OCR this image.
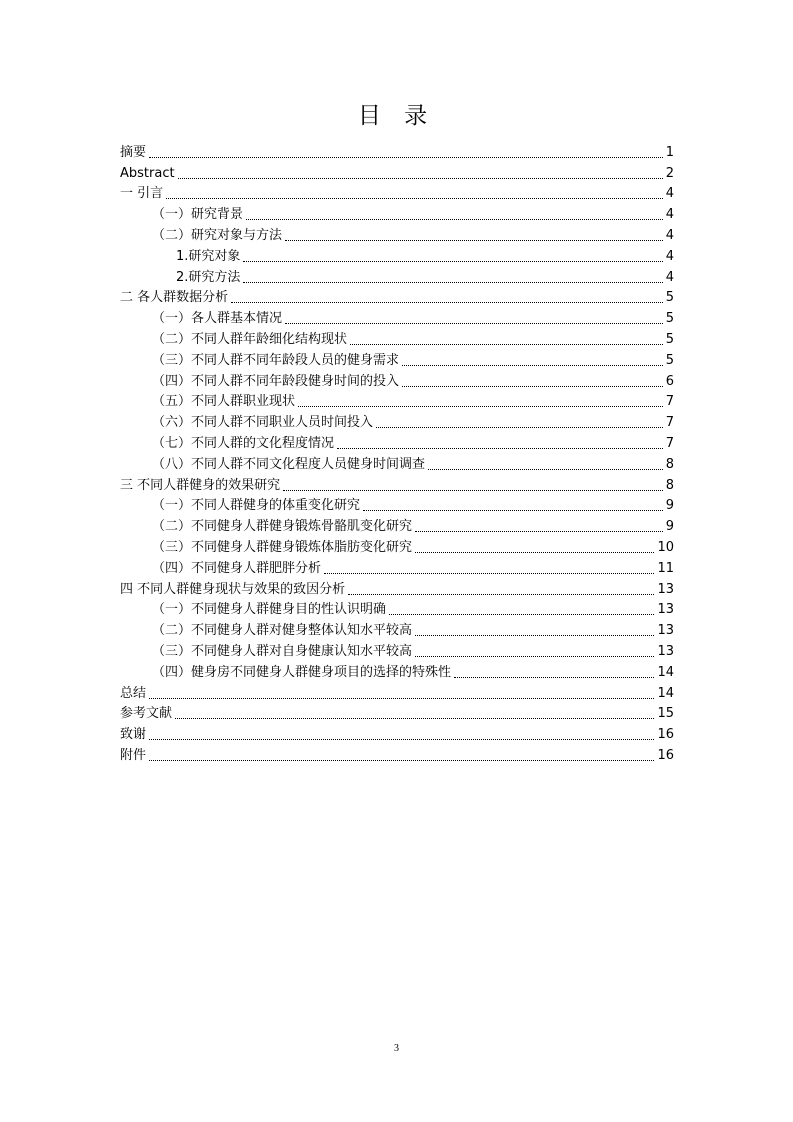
目 录
摘要	1
Abstract	2
一 引言	4
（一）研究背景	4
（二）研究对象与方法	4
1.研究对象	4
2.研究方法	4
二 各人群数据分析	5
（一）各人群基本情况	5
（二）不同人群年龄细化结构现状	5
（三）不同人群不同年龄段人员的健身需求	5
（四）不同人群不同年龄段健身时间的投入	6
（五）不同人群职业现状	7
（六）不同人群不同职业人员时间投入	7
（七）不同人群的文化程度情况	7
（八）不同人群不同文化程度人员健身时间调查	8
三 不同人群健身的效果研究	8
（一）不同人群健身的体重变化研究	9
（二）不同健身人群健身锻炼骨骼肌变化研究	9
（三）不同健身人群健身锻炼体脂肪变化研究	10
（四）不同健身人群肥胖分析	11
四 不同人群健身现状与效果的致因分析	13
（一）不同健身人群健身目的性认识明确	13
（二）不同健身人群对健身整体认知水平较高	13
（三）不同健身人群对自身健康认知水平较高	13
（四）健身房不同健身人群健身项目的选择的特殊性	14
总结	14
参考文献	15
致谢	16
附件	16
3
